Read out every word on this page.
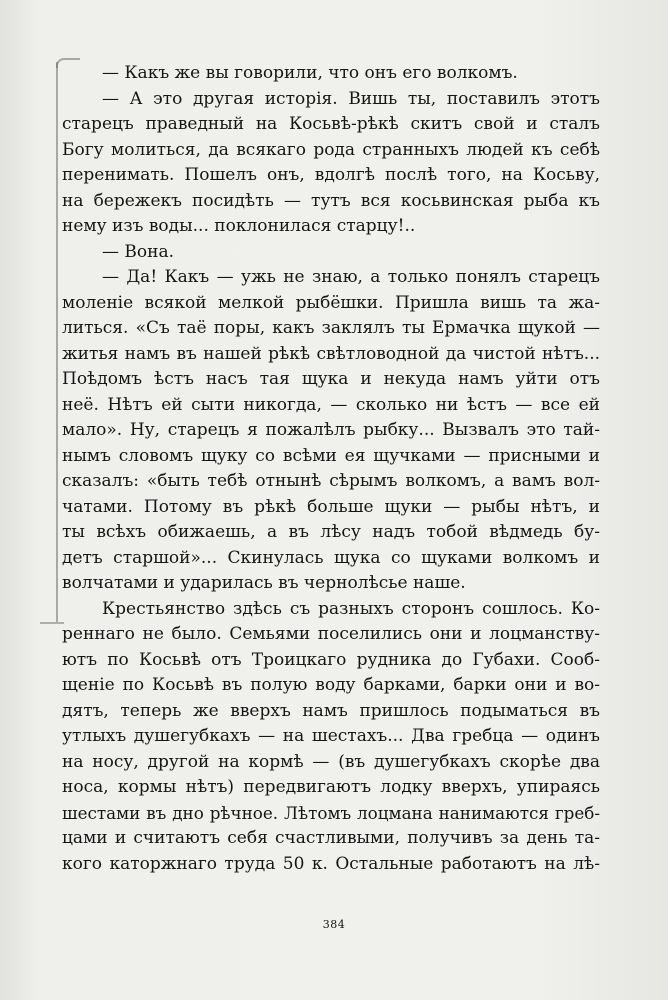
— Какъ же вы говорили, что онъ его волкомъ.
— А это другая исторія. Вишь ты, поставилъ этотъ
старецъ праведный на Косьвѣ-рѣкѣ скитъ свой и сталъ
Богу молиться, да всякаго рода странныхъ людей къ себѣ
перенимать. Пошелъ онъ, вдолгѣ послѣ того, на Косьву,
на бережекъ посидѣть — тутъ вся косьвинская рыба къ
нему изъ воды... поклонилася старцу!..
— Вона.
— Да! Какъ — ужь не знаю, а только понялъ старецъ
моленіе всякой мелкой рыбёшки. Пришла вишь та жа-
литься. «Съ таё поры, какъ заклялъ ты Ермачка щукой —
житья намъ въ нашей рѣкѣ свѣтловодной да чистой нѣтъ...
Поѣдомъ ѣстъ насъ тая щука и некуда намъ уйти отъ
неё. Нѣтъ ей сыти никогда, — сколько ни ѣстъ — все ей
мало». Ну, старецъ я пожалѣлъ рыбку... Вызвалъ это тай-
нымъ словомъ щуку со всѣми ея щучками — присными и
сказалъ: «быть тебѣ отнынѣ сѣрымъ волкомъ, а вамъ вол-
чатами. Потому въ рѣкѣ больше щуки — рыбы нѣтъ, и
ты всѣхъ обижаешь, а въ лѣсу надъ тобой вѣдмедь бу-
детъ старшой»... Скинулась щука со щуками волкомъ и
волчатами и ударилась въ чернолѣсье наше.
Крестьянство здѣсь съ разныхъ сторонъ сошлось. Ко-
реннаго не было. Семьями поселились они и лоцманству-
ютъ по Косьвѣ отъ Троицкаго рудника до Губахи. Сооб-
щеніе по Косьвѣ въ полую воду барками, барки они и во-
дятъ, теперь же вверхъ намъ пришлось подыматься въ
утлыхъ душегубкахъ — на шестахъ... Два гребца — одинъ
на носу, другой на кормѣ — (въ душегубкахъ скорѣе два
носа, кормы нѣтъ) передвигаютъ лодку вверхъ, упираясь
шестами въ дно рѣчное. Лѣтомъ лоцмана нанимаются греб-
цами и считаютъ себя счастливыми, получивъ за день та-
кого каторжнаго труда 50 к. Остальные работаютъ на лѣ-
384
